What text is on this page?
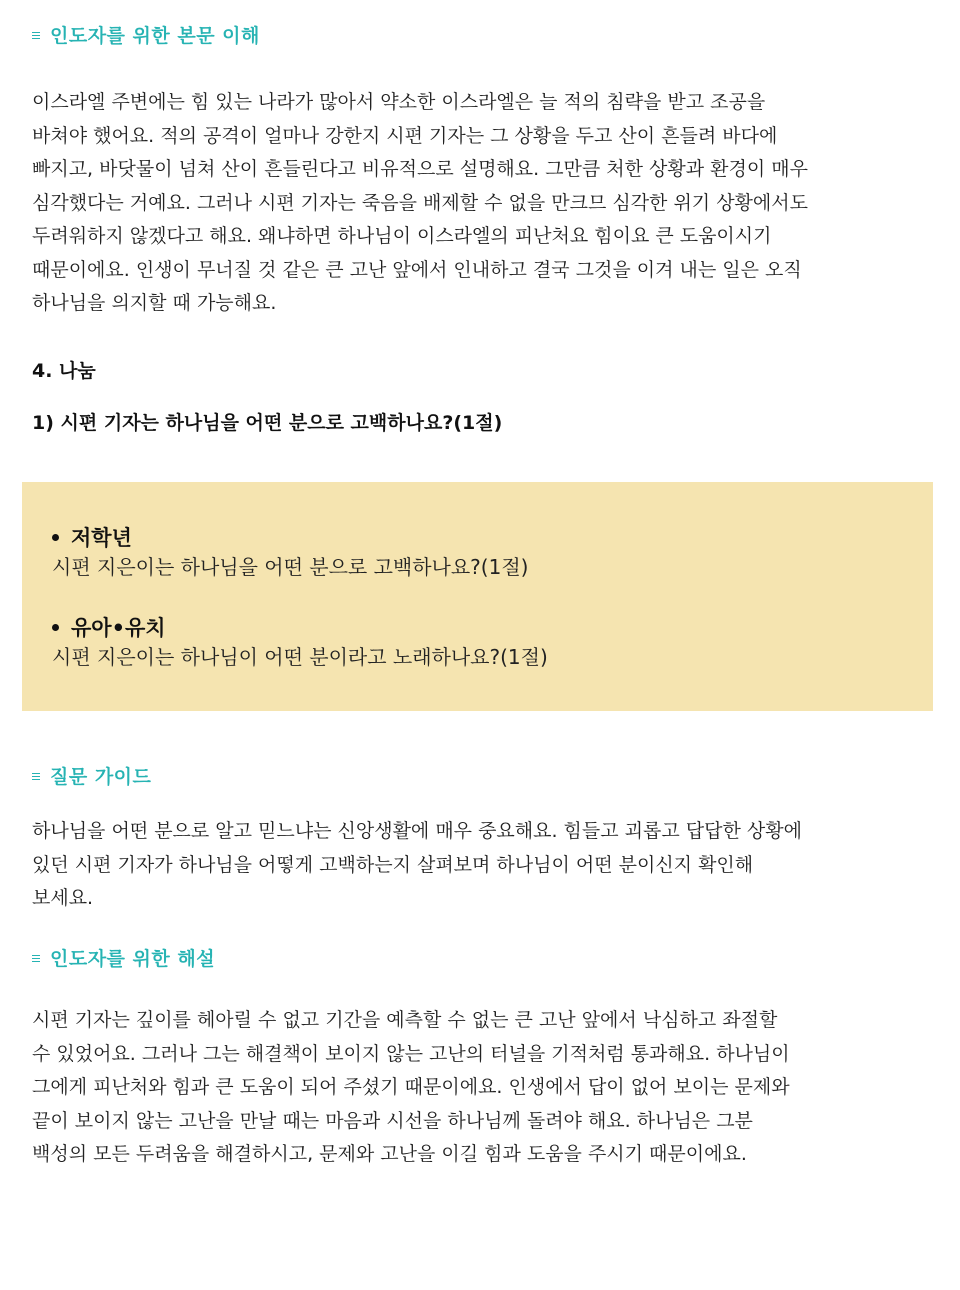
인도자를 위한 본문 이해
이스라엘 주변에는 힘 있는 나라가 많아서 약소한 이스라엘은 늘 적의 침략을 받고 조공을
바쳐야 했어요. 적의 공격이 얼마나 강한지 시편 기자는 그 상황을 두고 산이 흔들려 바다에
빠지고, 바닷물이 넘쳐 산이 흔들린다고 비유적으로 설명해요. 그만큼 처한 상황과 환경이 매우
심각했다는 거예요. 그러나 시편 기자는 죽음을 배제할 수 없을 만크므 심각한 위기 상황에서도
두려워하지 않겠다고 해요. 왜냐하면 하나님이 이스라엘의 피난처요 힘이요 큰 도움이시기
때문이에요. 인생이 무너질 것 같은 큰 고난 앞에서 인내하고 결국 그것을 이겨 내는 일은 오직
하나님을 의지할 때 가능해요.
4. 나눔
1) 시편 기자는 하나님을 어떤 분으로 고백하나요?(1절)
저학년
시편 지은이는 하나님을 어떤 분으로 고백하나요?(1절)
유아•유치
시편 지은이는 하나님이 어떤 분이라고 노래하나요?(1절)
질문 가이드
하나님을 어떤 분으로 알고 믿느냐는 신앙생활에 매우 중요해요. 힘들고 괴롭고 답답한 상황에
있던 시편 기자가 하나님을 어떻게 고백하는지 살펴보며 하나님이 어떤 분이신지 확인해
보세요.
인도자를 위한 해설
시편 기자는 깊이를 헤아릴 수 없고 기간을 예측할 수 없는 큰 고난 앞에서 낙심하고 좌절할
수 있었어요. 그러나 그는 해결책이 보이지 않는 고난의 터널을 기적처럼 통과해요. 하나님이
그에게 피난처와 힘과 큰 도움이 되어 주셨기 때문이에요. 인생에서 답이 없어 보이는 문제와
끝이 보이지 않는 고난을 만날 때는 마음과 시선을 하나님께 돌려야 해요. 하나님은 그분
백성의 모든 두려움을 해결하시고, 문제와 고난을 이길 힘과 도움을 주시기 때문이에요.
